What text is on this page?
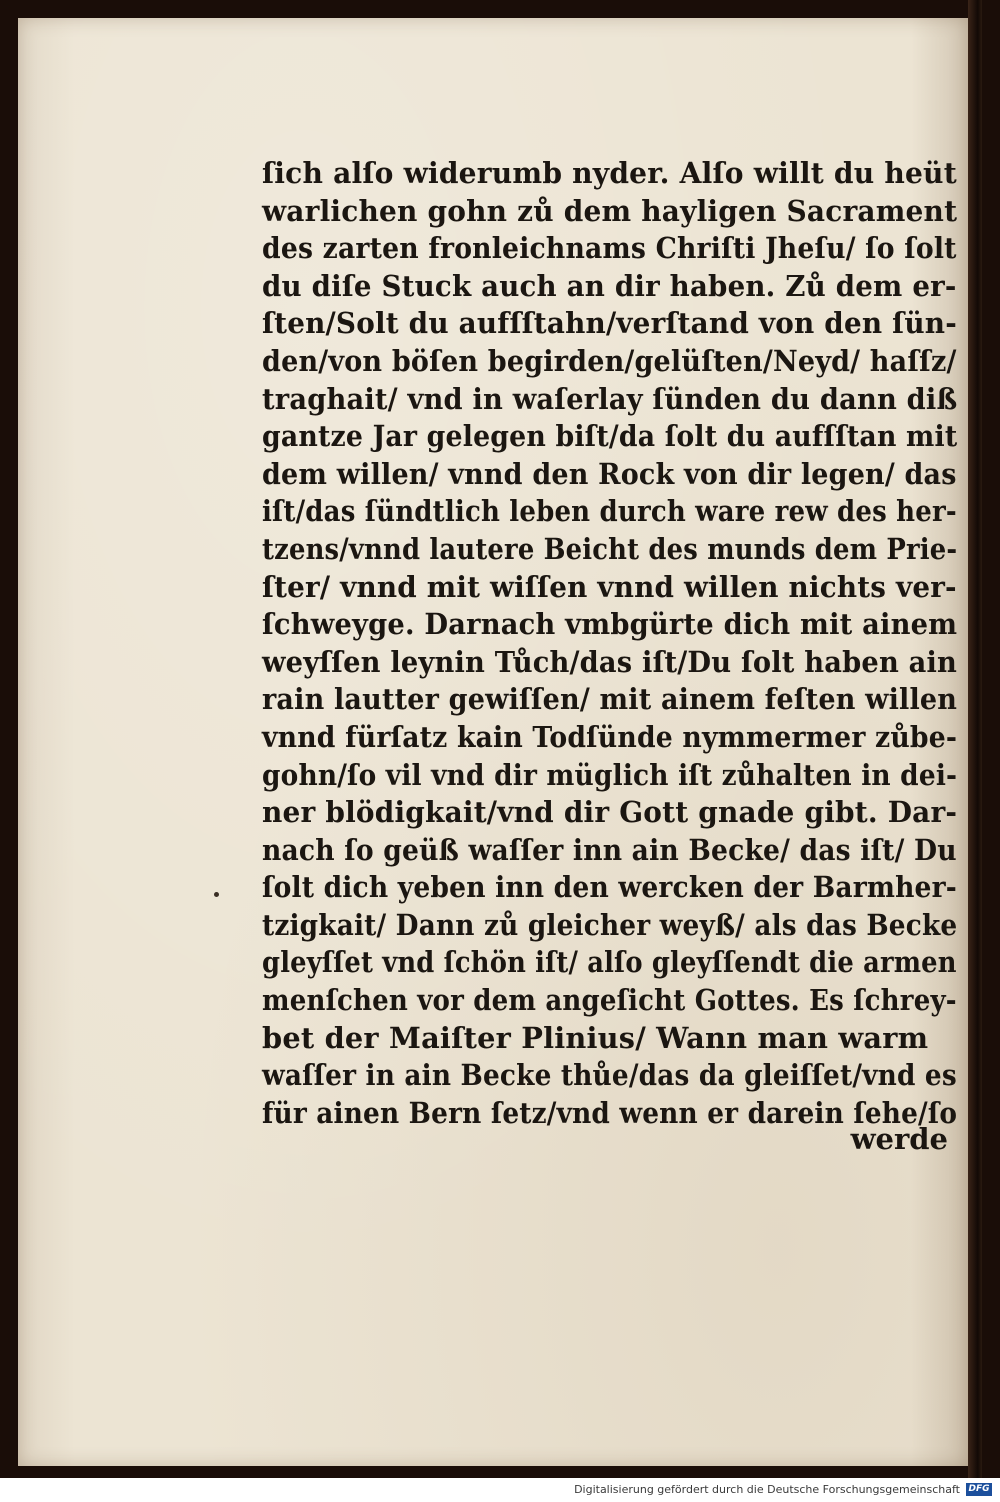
ſich alſo widerumb nyder. Alſo willt du heüt
warlichen gohn zů dem hayligen Sacrament
des zarten fronleichnams Chriſti Jheſu/ ſo ſolt
du diſe Stuck auch an dir haben. Zů dem er-
ſten/Solt du aufſſtahn/verſtand von den ſün-
den/von böſen begirden/gelüſten/Neyd/ haſſz/
traghait/ vnd in waſerlay ſünden du dann diß
gantze Jar gelegen biſt/da ſolt du aufſſtan mit
dem willen/ vnnd den Rock von dir legen/ das
iſt/das ſündtlich leben durch ware rew des her-
tzens/vnnd lautere Beicht des munds dem Prie-
ſter/ vnnd mit wiſſen vnnd willen nichts ver-
ſchweyge. Darnach vmbgürte dich mit ainem
weyſſen leynin Tůch/das iſt/Du ſolt haben ain
rain lautter gewiſſen/ mit ainem feſten willen
vnnd fürſatz kain Todſünde nymmermer zůbe-
gohn/ſo vil vnd dir müglich iſt zůhalten in dei-
ner blödigkait/vnd dir Gott gnade gibt. Dar-
nach ſo geüß waſſer inn ain Becke/ das iſt/ Du
ſolt dich yeben inn den wercken der Barmher-
tzigkait/ Dann zů gleicher weyß/ als das Becke
gleyſſet vnd ſchön iſt/ alſo gleyſſendt die armen
menſchen vor dem angeſicht Gottes. Es ſchrey-
bet der Maiſter Plinius/ Wann man warm
waſſer in ain Becke thůe/das da gleiſſet/vnd es
für ainen Bern ſetz/vnd wenn er darein ſehe/ſo
werde
Digitalisierung gefördert durch die Deutsche Forschungsgemeinschaft DFG
